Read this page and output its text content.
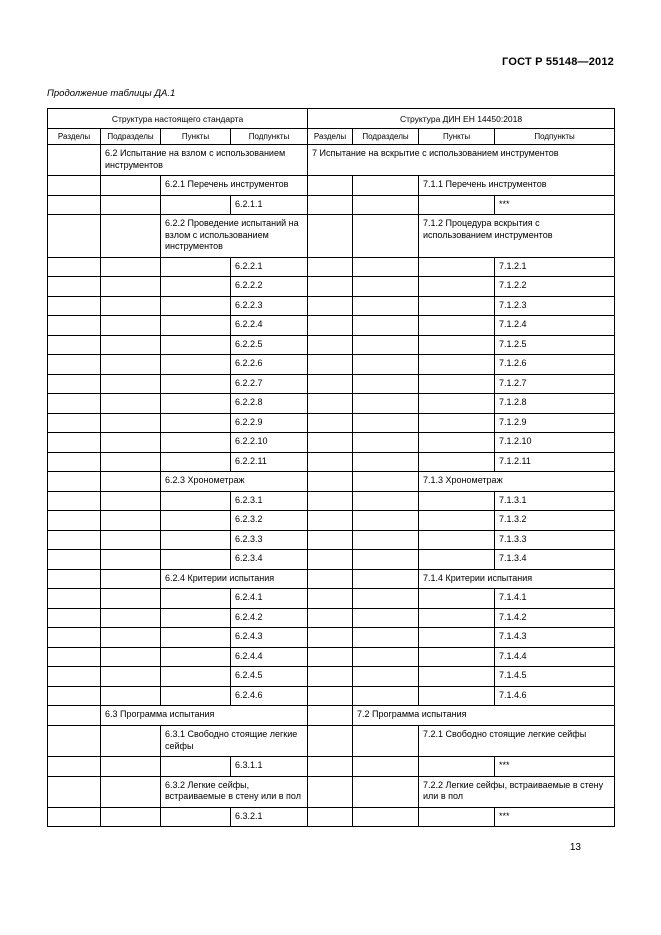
ГОСТ Р 55148—2012
Продолжение таблицы ДА.1
Структура настоящего стандарта				Структура ДИН ЕН 14450:2018			
Разделы	Подразделы	Пункты	Подпункты	Разделы	Подразделы	Пункты	Подпункты
	6.2 Испытание на взлом с использованием инструментов			7 Испытание на вскрытие с использованием инструментов			
		6.2.1 Перечень инструментов				7.1.1 Перечень инструментов	
			6.2.1.1				***
		6.2.2 Проведение испытаний на взлом с использованием инструментов				7.1.2 Процедура вскрытия с использованием инструментов	
			6.2.2.1				7.1.2.1
			6.2.2.2				7.1.2.2
			6.2.2.3				7.1.2.3
			6.2.2.4				7.1.2.4
			6.2.2.5				7.1.2.5
			6.2.2.6				7.1.2.6
			6.2.2.7				7.1.2.7
			6.2.2.8				7.1.2.8
			6.2.2.9				7.1.2.9
			6.2.2.10				7.1.2.10
			6.2.2.11				7.1.2.11
		6.2.3 Хронометраж				7.1.3 Хронометраж	
			6.2.3.1				7.1.3.1
			6.2.3.2				7.1.3.2
			6.2.3.3				7.1.3.3
			6.2.3.4				7.1.3.4
		6.2.4 Критерии испытания				7.1.4 Критерии испытания	
			6.2.4.1				7.1.4.1
			6.2.4.2				7.1.4.2
			6.2.4.3				7.1.4.3
			6.2.4.4				7.1.4.4
			6.2.4.5				7.1.4.5
			6.2.4.6				7.1.4.6
	6.3 Программа испытания				7.2 Программа испытания		
		6.3.1 Свободно стоящие легкие сейфы				7.2.1 Свободно стоящие легкие сейфы	
			6.3.1.1				***
		6.3.2 Легкие сейфы, встраиваемые в стену или в пол				7.2.2 Легкие сейфы, встраиваемые в стену или в пол	
			6.3.2.1				***
13
